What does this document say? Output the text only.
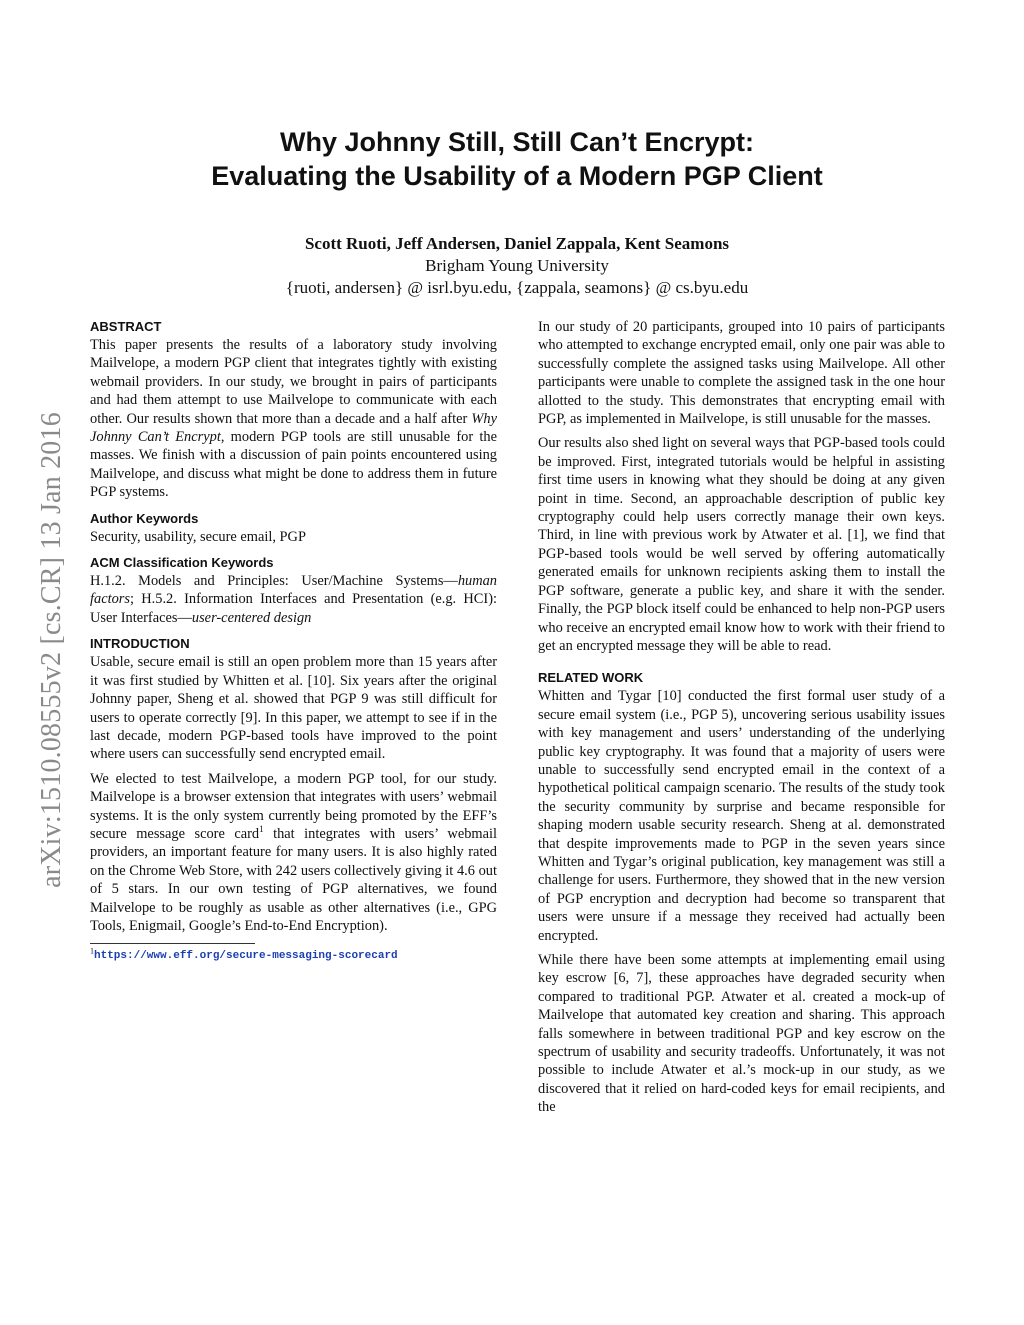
arXiv:1510.08555v2 [cs.CR] 13 Jan 2016
Why Johnny Still, Still Can’t Encrypt:
Evaluating the Usability of a Modern PGP Client
Scott Ruoti, Jeff Andersen, Daniel Zappala, Kent Seamons
Brigham Young University
{ruoti, andersen} @ isrl.byu.edu, {zappala, seamons} @ cs.byu.edu
ABSTRACT

This paper presents the results of a laboratory study involving Mailvelope, a modern PGP client that integrates tightly with existing webmail providers. In our study, we brought in pairs of participants and had them attempt to use Mailvelope to communicate with each other. Our results shown that more than a decade and a half after Why Johnny Can’t Encrypt, modern PGP tools are still unusable for the masses. We finish with a discussion of pain points encountered using Mailvelope, and discuss what might be done to address them in future PGP systems.

Author Keywords

Security, usability, secure email, PGP

ACM Classification Keywords

H.1.2. Models and Principles: User/Machine Systems—human factors; H.5.2. Information Interfaces and Presentation (e.g. HCI): User Interfaces—user-centered design

INTRODUCTION

Usable, secure email is still an open problem more than 15 years after it was first studied by Whitten et al. [10]. Six years after the original Johnny paper, Sheng et al. showed that PGP 9 was still difficult for users to operate correctly [9]. In this paper, we attempt to see if in the last decade, modern PGP-based tools have improved to the point where users can successfully send encrypted email.

We elected to test Mailvelope, a modern PGP tool, for our study. Mailvelope is a browser extension that integrates with users’ webmail systems. It is the only system currently being promoted by the EFF’s secure message score card$^1$ that integrates with users’ webmail providers, an important feature for many users. It is also highly rated on the Chrome Web Store, with 242 users collectively giving it 4.6 out of 5 stars. In our own testing of PGP alternatives, we found Mailvelope to be roughly as usable as other alternatives (i.e., GPG Tools, Enigmail, Google’s End-to-End Encryption).

$^1$https://www.eff.org/secure-messaging-scorecard

In our study of 20 participants, grouped into 10 pairs of participants who attempted to exchange encrypted email, only one pair was able to successfully complete the assigned tasks using Mailvelope. All other participants were unable to complete the assigned task in the one hour allotted to the study. This demonstrates that encrypting email with PGP, as implemented in Mailvelope, is still unusable for the masses.

Our results also shed light on several ways that PGP-based tools could be improved. First, integrated tutorials would be helpful in assisting first time users in knowing what they should be doing at any given point in time. Second, an approachable description of public key cryptography could help users correctly manage their own keys. Third, in line with previous work by Atwater et al. [1], we find that PGP-based tools would be well served by offering automatically generated emails for unknown recipients asking them to install the PGP software, generate a public key, and share it with the sender. Finally, the PGP block itself could be enhanced to help non-PGP users who receive an encrypted email know how to work with their friend to get an encrypted message they will be able to read.

RELATED WORK

Whitten and Tygar [10] conducted the first formal user study of a secure email system (i.e., PGP 5), uncovering serious usability issues with key management and users’ understanding of the underlying public key cryptography. It was found that a majority of users were unable to successfully send encrypted email in the context of a hypothetical political campaign scenario. The results of the study took the security community by surprise and became responsible for shaping modern usable security research. Sheng at al. demonstrated that despite improvements made to PGP in the seven years since Whitten and Tygar’s original publication, key management was still a challenge for users. Furthermore, they showed that in the new version of PGP encryption and decryption had become so transparent that users were unsure if a message they received had actually been encrypted.

While there have been some attempts at implementing email using key escrow [6, 7], these approaches have degraded security when compared to traditional PGP. Atwater et al. created a mock-up of Mailvelope that automated key creation and sharing. This approach falls somewhere in between traditional PGP and key escrow on the spectrum of usability and security tradeoffs. Unfortunately, it was not possible to include Atwater et al.’s mock-up in our study, as we discovered that it relied on hard-coded keys for email recipients, and the
